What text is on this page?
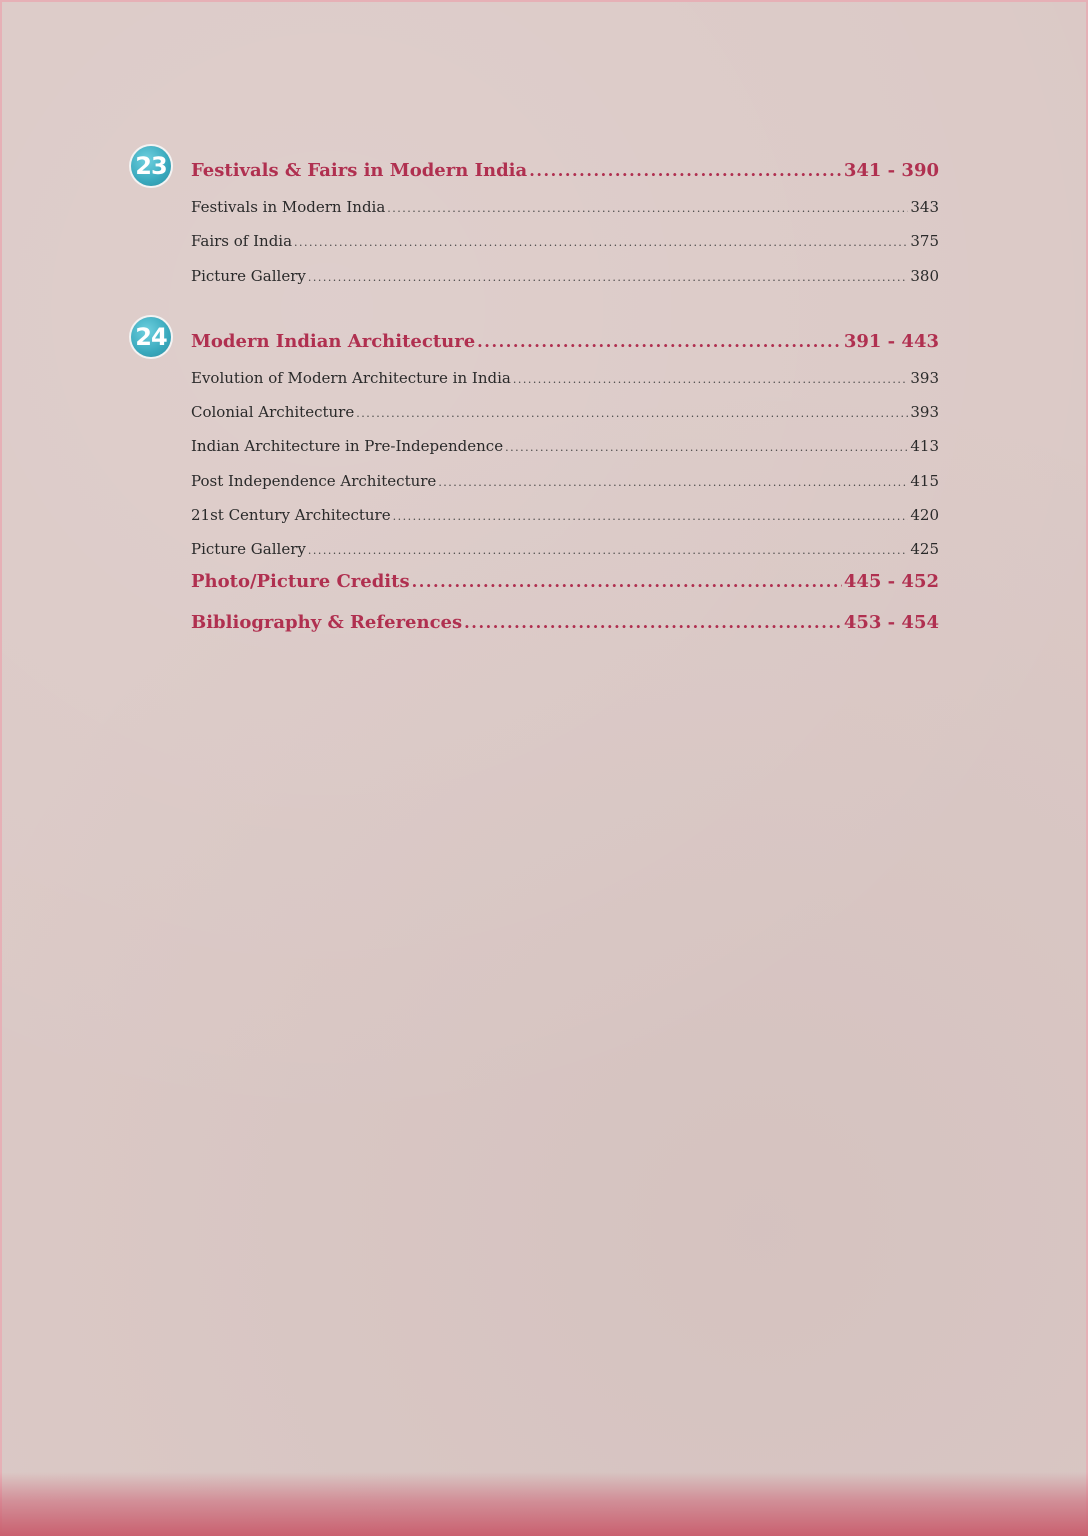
23 Festivals & Fairs in Modern India . . .	341 - 390
Festivals in Modern India . . .	343
Fairs of India . . .	375
Picture Gallery . . .	380
24 Modern Indian Architecture . . .	391 - 443
Evolution of Modern Architecture in India . . .	393
Colonial Architecture . . .	393
Indian Architecture in Pre-Independence . . .	413
Post Independence Architecture . . .	415
21st Century Architecture . . .	420
Picture Gallery . . .	425
Photo/Picture Credits . . .	445 - 452
Bibliography & References . . .	453 - 454
